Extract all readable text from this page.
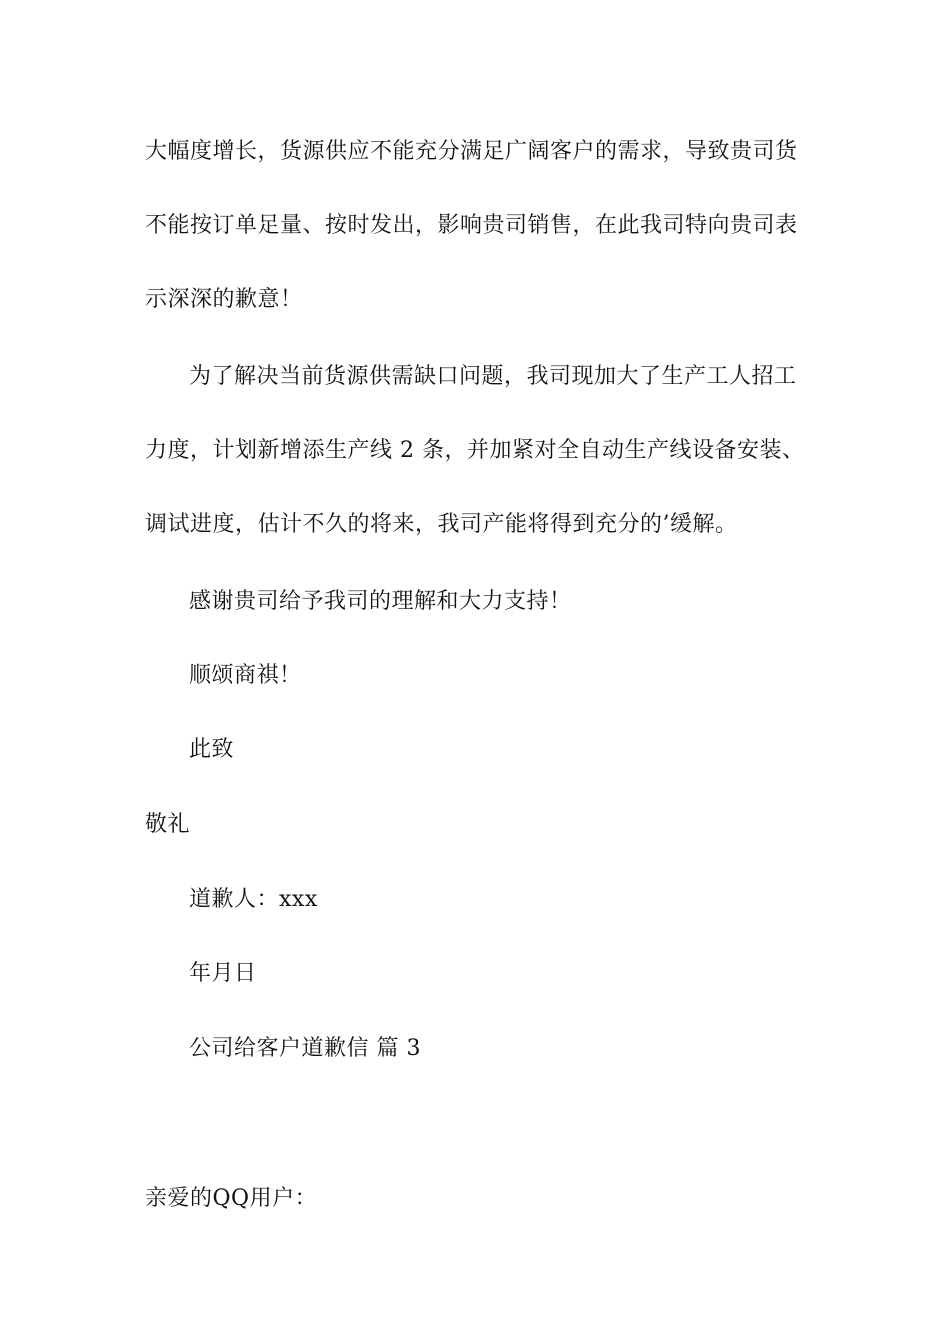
大幅度增长，货源供应不能充分满足广阔客户的需求，导致贵司货
不能按订单足量、按时发出，影响贵司销售，在此我司特向贵司表
示深深的歉意！
为了解决当前货源供需缺口问题，我司现加大了生产工人招工
力度，计划新增添生产线 2 条，并加紧对全自动生产线设备安装、
调试进度，估计不久的将来，我司产能将得到充分的’缓解。
感谢贵司给予我司的理解和大力支持！
顺颂商祺！
此致
敬礼
道歉人：xxx
年月日
公司给客户道歉信 篇 3
亲爱的QQ用户：
